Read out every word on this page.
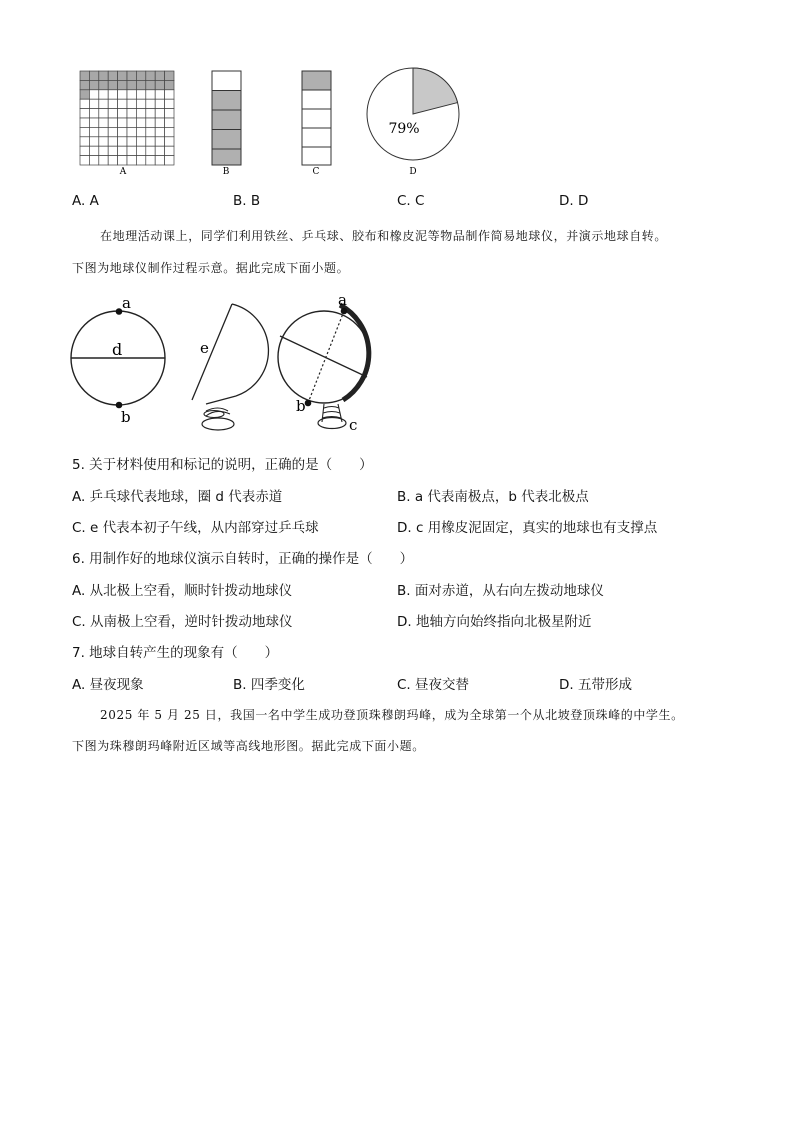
A	B	C
79%
D
A. A	B. B	C. C	D. D
在地理活动课上，同学们利用铁丝、乒乓球、胶布和橡皮泥等物品制作简易地球仪，并演示地球自转。
下图为地球仪制作过程示意。据此完成下面小题。
a
d
b
e
a
b
c
5. 关于材料使用和标记的说明，正确的是（　　）
A. 乒乓球代表地球，圈 d 代表赤道	B. a 代表南极点，b 代表北极点
C. e 代表本初子午线，从内部穿过乒乓球	D. c 用橡皮泥固定，真实的地球也有支撑点
6. 用制作好的地球仪演示自转时，正确的操作是（　　）
A. 从北极上空看，顺时针拨动地球仪	B. 面对赤道，从右向左拨动地球仪
C. 从南极上空看，逆时针拨动地球仪	D. 地轴方向始终指向北极星附近
7. 地球自转产生的现象有（　　）
A. 昼夜现象	B. 四季变化	C. 昼夜交替	D. 五带形成
2025 年 5 月 25 日，我国一名中学生成功登顶珠穆朗玛峰，成为全球第一个从北坡登顶珠峰的中学生。
下图为珠穆朗玛峰附近区域等高线地形图。据此完成下面小题。
